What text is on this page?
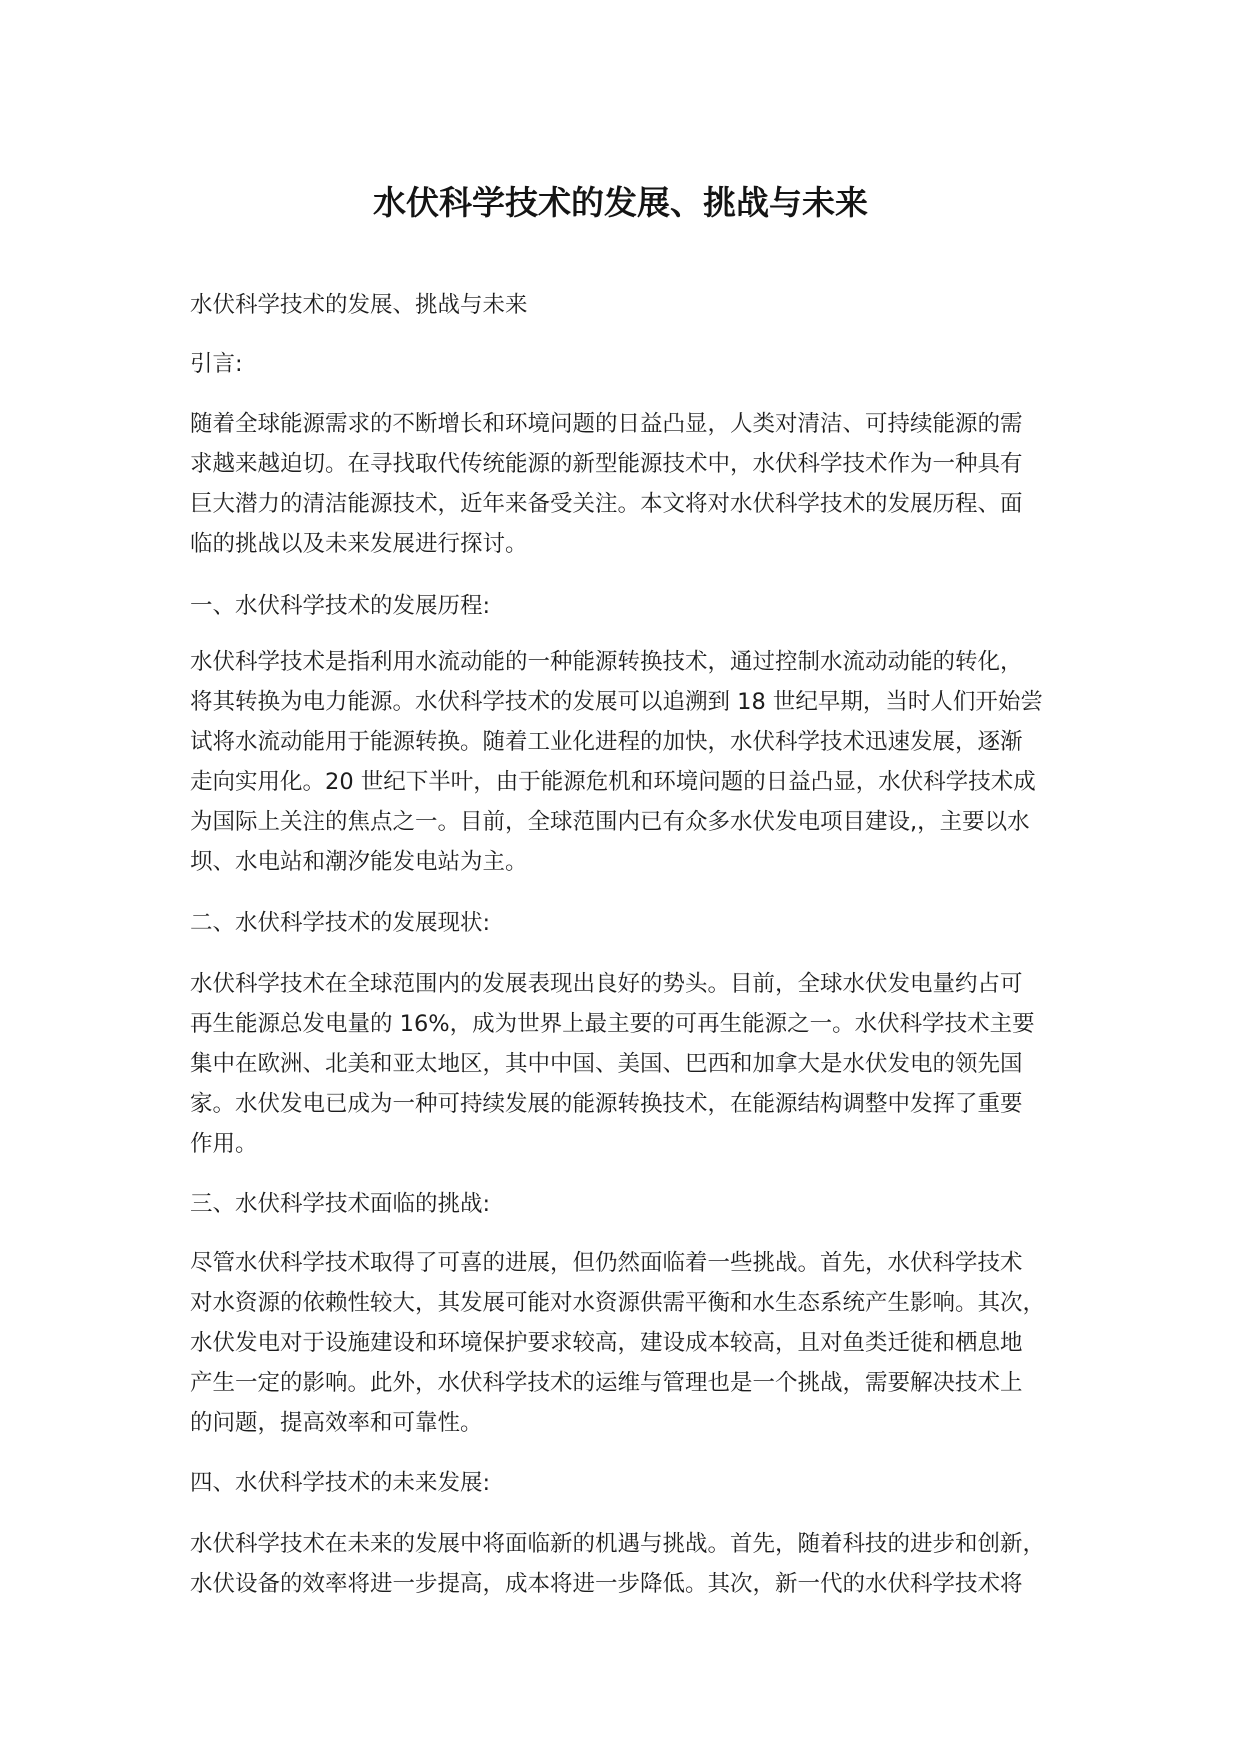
水伏科学技术的发展、挑战与未来
水伏科学技术的发展、挑战与未来
引言:
随着全球能源需求的不断增长和环境问题的日益凸显，人类对清洁、可持续能源的需
求越来越迫切。在寻找取代传统能源的新型能源技术中，水伏科学技术作为一种具有
巨大潜力的清洁能源技术，近年来备受关注。本文将对水伏科学技术的发展历程、面
临的挑战以及未来发展进行探讨。
一、水伏科学技术的发展历程:
水伏科学技术是指利用水流动能的一种能源转换技术，通过控制水流动动能的转化，
将其转换为电力能源。水伏科学技术的发展可以追溯到 18 世纪早期，当时人们开始尝
试将水流动能用于能源转换。随着工业化进程的加快，水伏科学技术迅速发展，逐渐
走向实用化。20 世纪下半叶，由于能源危机和环境问题的日益凸显，水伏科学技术成
为国际上关注的焦点之一。目前，全球范围内已有众多水伏发电项目建设,，主要以水
坝、水电站和潮汐能发电站为主。
二、水伏科学技术的发展现状:
水伏科学技术在全球范围内的发展表现出良好的势头。目前，全球水伏发电量约占可
再生能源总发电量的 16%，成为世界上最主要的可再生能源之一。水伏科学技术主要
集中在欧洲、北美和亚太地区，其中中国、美国、巴西和加拿大是水伏发电的领先国
家。水伏发电已成为一种可持续发展的能源转换技术，在能源结构调整中发挥了重要
作用。
三、水伏科学技术面临的挑战:
尽管水伏科学技术取得了可喜的进展，但仍然面临着一些挑战。首先，水伏科学技术
对水资源的依赖性较大，其发展可能对水资源供需平衡和水生态系统产生影响。其次，
水伏发电对于设施建设和环境保护要求较高，建设成本较高，且对鱼类迁徙和栖息地
产生一定的影响。此外，水伏科学技术的运维与管理也是一个挑战，需要解决技术上
的问题，提高效率和可靠性。
四、水伏科学技术的未来发展:
水伏科学技术在未来的发展中将面临新的机遇与挑战。首先，随着科技的进步和创新，
水伏设备的效率将进一步提高，成本将进一步降低。其次，新一代的水伏科学技术将
